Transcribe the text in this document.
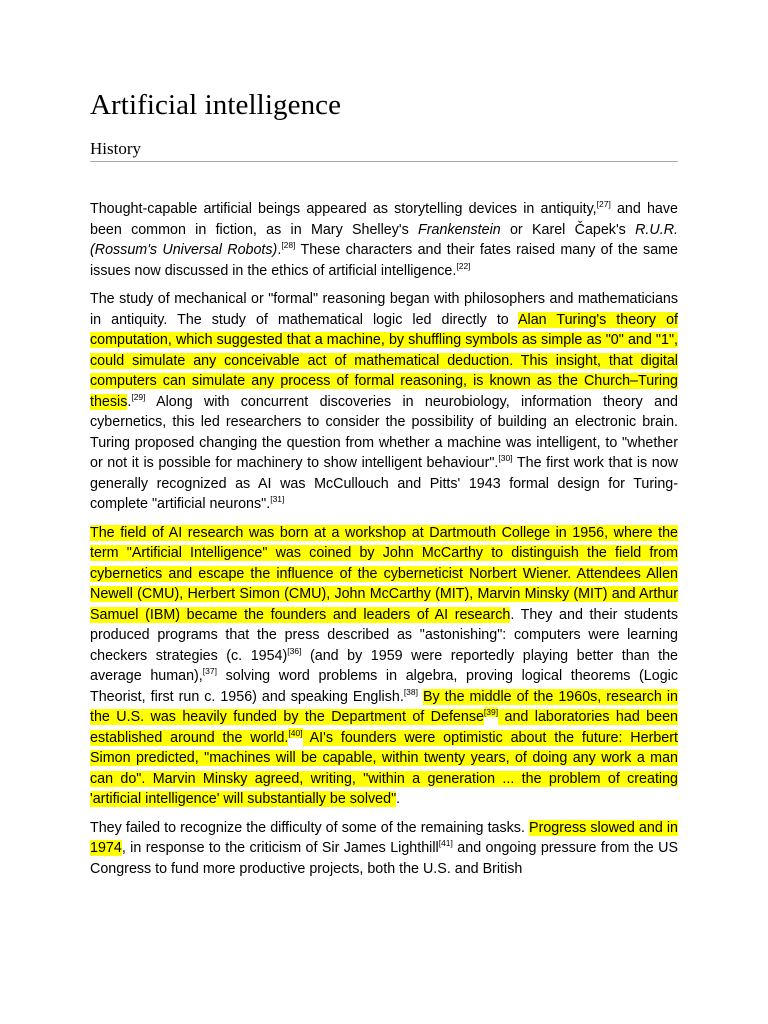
Artificial intelligence
History

Thought-capable artificial beings appeared as storytelling devices in antiquity,[27] and have been common in fiction, as in Mary Shelley's Frankenstein or Karel Čapek's R.U.R. (Rossum's Universal Robots).[28] These characters and their fates raised many of the same issues now discussed in the ethics of artificial intelligence.[22]

The study of mechanical or "formal" reasoning began with philosophers and mathematicians in antiquity. The study of mathematical logic led directly to Alan Turing's theory of computation, which suggested that a machine, by shuffling symbols as simple as "0" and "1", could simulate any conceivable act of mathematical deduction. This insight, that digital computers can simulate any process of formal reasoning, is known as the Church–Turing thesis.[29] Along with concurrent discoveries in neurobiology, information theory and cybernetics, this led researchers to consider the possibility of building an electronic brain. Turing proposed changing the question from whether a machine was intelligent, to "whether or not it is possible for machinery to show intelligent behaviour".[30] The first work that is now generally recognized as AI was McCullouch and Pitts' 1943 formal design for Turing-complete "artificial neurons".[31]

The field of AI research was born at a workshop at Dartmouth College in 1956, where the term "Artificial Intelligence" was coined by John McCarthy to distinguish the field from cybernetics and escape the influence of the cyberneticist Norbert Wiener. Attendees Allen Newell (CMU), Herbert Simon (CMU), John McCarthy (MIT), Marvin Minsky (MIT) and Arthur Samuel (IBM) became the founders and leaders of AI research. They and their students produced programs that the press described as "astonishing": computers were learning checkers strategies (c. 1954)[36] (and by 1959 were reportedly playing better than the average human),[37] solving word problems in algebra, proving logical theorems (Logic Theorist, first run c. 1956) and speaking English.[38] By the middle of the 1960s, research in the U.S. was heavily funded by the Department of Defense[39] and laboratories had been established around the world.[40] AI's founders were optimistic about the future: Herbert Simon predicted, "machines will be capable, within twenty years, of doing any work a man can do". Marvin Minsky agreed, writing, "within a generation ... the problem of creating 'artificial intelligence' will substantially be solved".

They failed to recognize the difficulty of some of the remaining tasks. Progress slowed and in 1974, in response to the criticism of Sir James Lighthill[41] and ongoing pressure from the US Congress to fund more productive projects, both the U.S. and British
